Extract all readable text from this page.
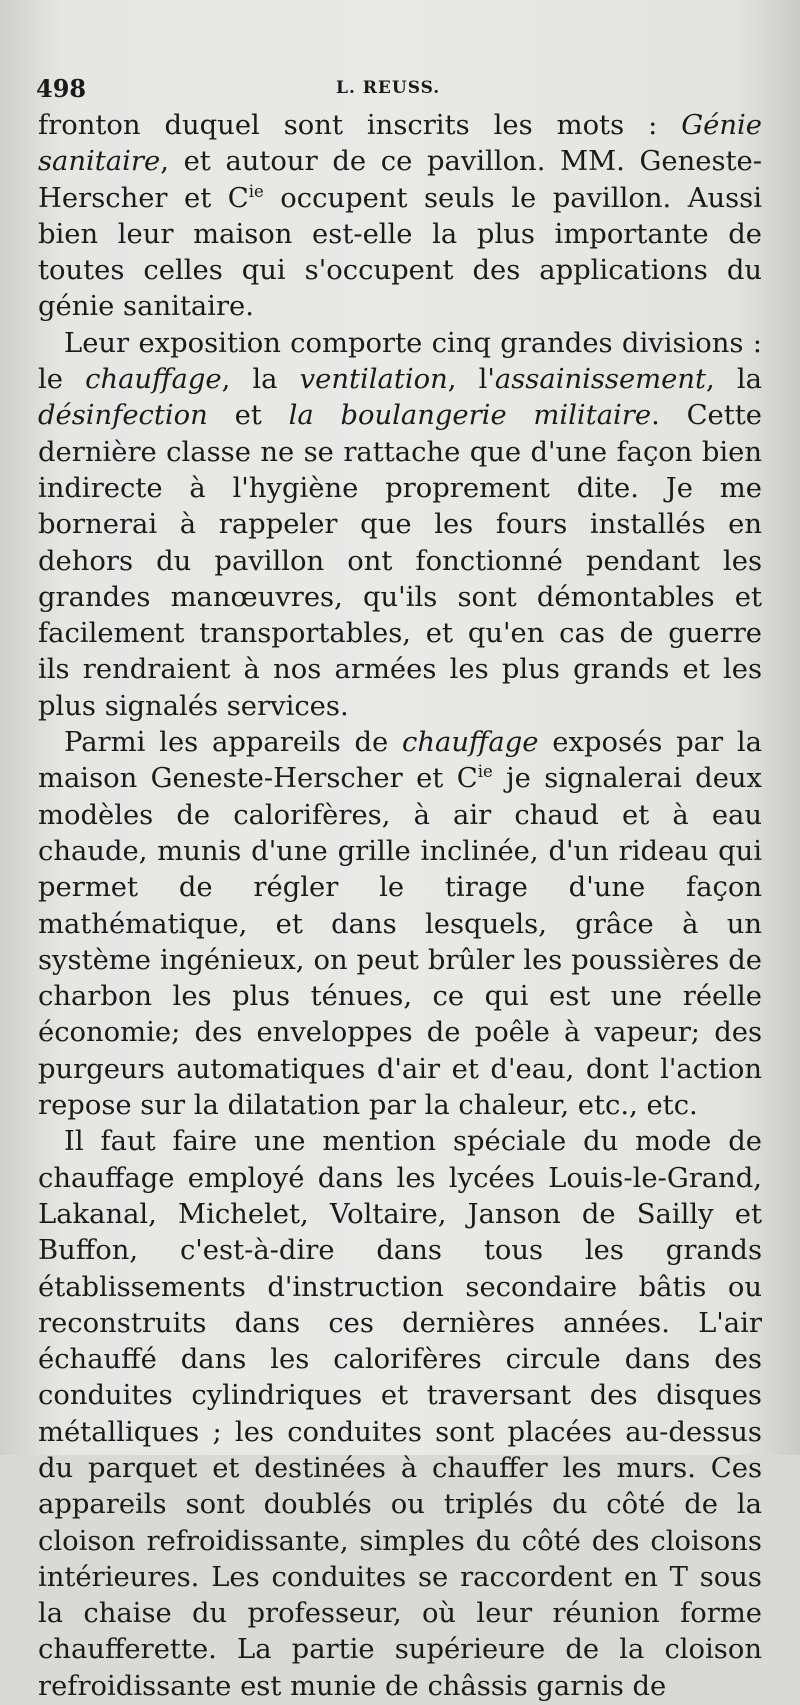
498	L. REUSS.

fronton duquel sont inscrits les mots : Génie sanitaire, et autour de ce pavillon. MM. Geneste-Herscher et $C^{ie}$ occupent seuls le pavillon. Aussi bien leur maison est-elle la plus importante de toutes celles qui s'occupent des applications du génie sanitaire.

Leur exposition comporte cinq grandes divisions : le chauffage, la ventilation, l'assainissement, la désinfection et la boulangerie militaire. Cette dernière classe ne se rattache que d'une façon bien indirecte à l'hygiène proprement dite. Je me bornerai à rappeler que les fours installés en dehors du pavillon ont fonctionné pendant les grandes manœuvres, qu'ils sont démontables et facilement transportables, et qu'en cas de guerre ils rendraient à nos armées les plus grands et les plus signalés services.

Parmi les appareils de chauffage exposés par la maison Geneste-Herscher et $C^{ie}$ je signalerai deux modèles de calorifères, à air chaud et à eau chaude, munis d'une grille inclinée, d'un rideau qui permet de régler le tirage d'une façon mathématique, et dans lesquels, grâce à un système ingénieux, on peut brûler les poussières de charbon les plus ténues, ce qui est une réelle économie; des enveloppes de poêle à vapeur; des purgeurs automatiques d'air et d'eau, dont l'action repose sur la dilatation par la chaleur, etc., etc.

Il faut faire une mention spéciale du mode de chauffage employé dans les lycées Louis-le-Grand, Lakanal, Michelet, Voltaire, Janson de Sailly et Buffon, c'est-à-dire dans tous les grands établissements d'instruction secondaire bâtis ou reconstruits dans ces dernières années. L'air échauffé dans les calorifères circule dans des conduites cylindriques et traversant des disques métalliques ; les conduites sont placées au-dessus du parquet et destinées à chauffer les murs. Ces appareils sont doublés ou triplés du côté de la cloison refroidissante, simples du côté des cloisons intérieures. Les conduites se raccordent en T sous la chaise du professeur, où leur réunion forme chaufferette. La partie supérieure de la cloison refroidissante est munie de châssis garnis de
